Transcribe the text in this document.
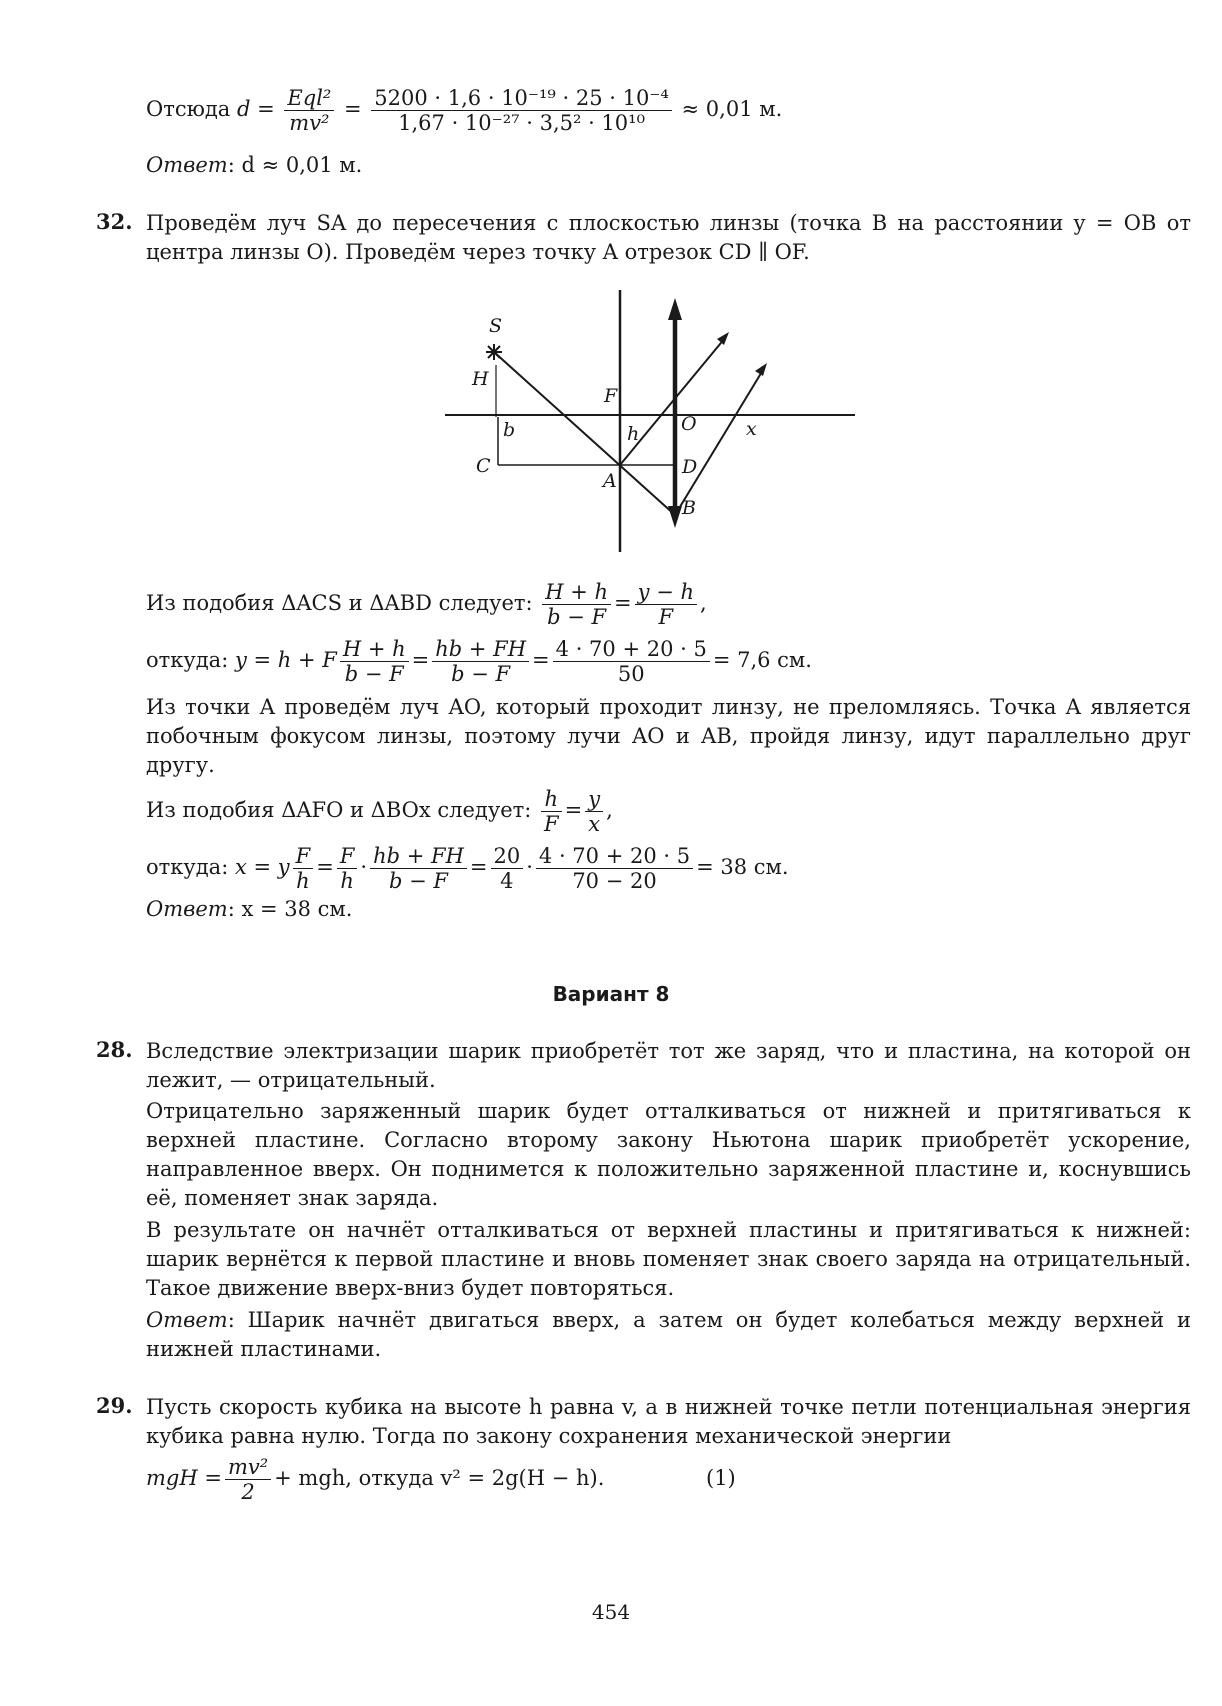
Отсюда $d = \frac{\text{Eql²}}{\text{mv²}} = \frac{\text{5200 · 1,6 · 10⁻¹⁹ · 25 · 10⁻⁴}}{\text{1,67 · 10⁻²⁷ · 3,5² · 10¹⁰}} \approx 0,01$ м.
Ответ: d ≈ 0,01 м.
32. Проведём луч SA до пересечения с плоскостью линзы (точка B на расстоянии y = OB от центра линзы O). Проведём через точку A отрезок CD ∥ OF.
S
H
F
b	h O	x
C
A
D
B
Из подобия ΔACS и ΔABD следует: $\frac{H + h}{b - F} = \frac{y - h}{F}$ ,
откуда: y = h + F $\frac{H + h}{b - F} = \frac{hb + FH}{b - F} = \frac{4 \cdot 70 + 20 \cdot 5}{50} = 7,6$ см.
Из точки A проведём луч AO, который проходит линзу, не преломляясь. Точка A является побочным фокусом линзы, поэтому лучи AO и AB, пройдя линзу, идут параллельно друг другу.
Из подобия ΔAFO и ΔBOx следует: $\frac{h}{F} = \frac{y}{x}$ ,
откуда: x = y $\frac{F}{h} = \frac{F}{h} \cdot \frac{hb + FH}{b - F} = \frac{20}{4} \cdot \frac{4 \cdot 70 + 20 \cdot 5}{70 - 20} = 38$ см.
Ответ: x = 38 см.
Вариант 8
28. Вследствие электризации шарик приобретёт тот же заряд, что и пластина, на которой он лежит, — отрицательный.
Отрицательно заряженный шарик будет отталкиваться от нижней и притягиваться к верхней пластине. Согласно второму закону Ньютона шарик приобретёт ускорение, направленное вверх. Он поднимется к положительно заряженной пластине и, коснувшись её, поменяет знак заряда.
В результате он начнёт отталкиваться от верхней пластины и притягиваться к нижней: шарик вернётся к первой пластине и вновь поменяет знак своего заряда на отрицательный. Такое движение вверх-вниз будет повторяться.
Ответ: Шарик начнёт двигаться вверх, а затем он будет колебаться между верхней и нижней пластинами.
29. Пусть скорость кубика на высоте h равна v, а в нижней точке петли потенциальная энергия кубика равна нулю. Тогда по закону сохранения механической энергии
mgH = $\frac{\text{mv²}}{2}$ + mgh, откуда v² = 2g(H − h).	(1)
454
